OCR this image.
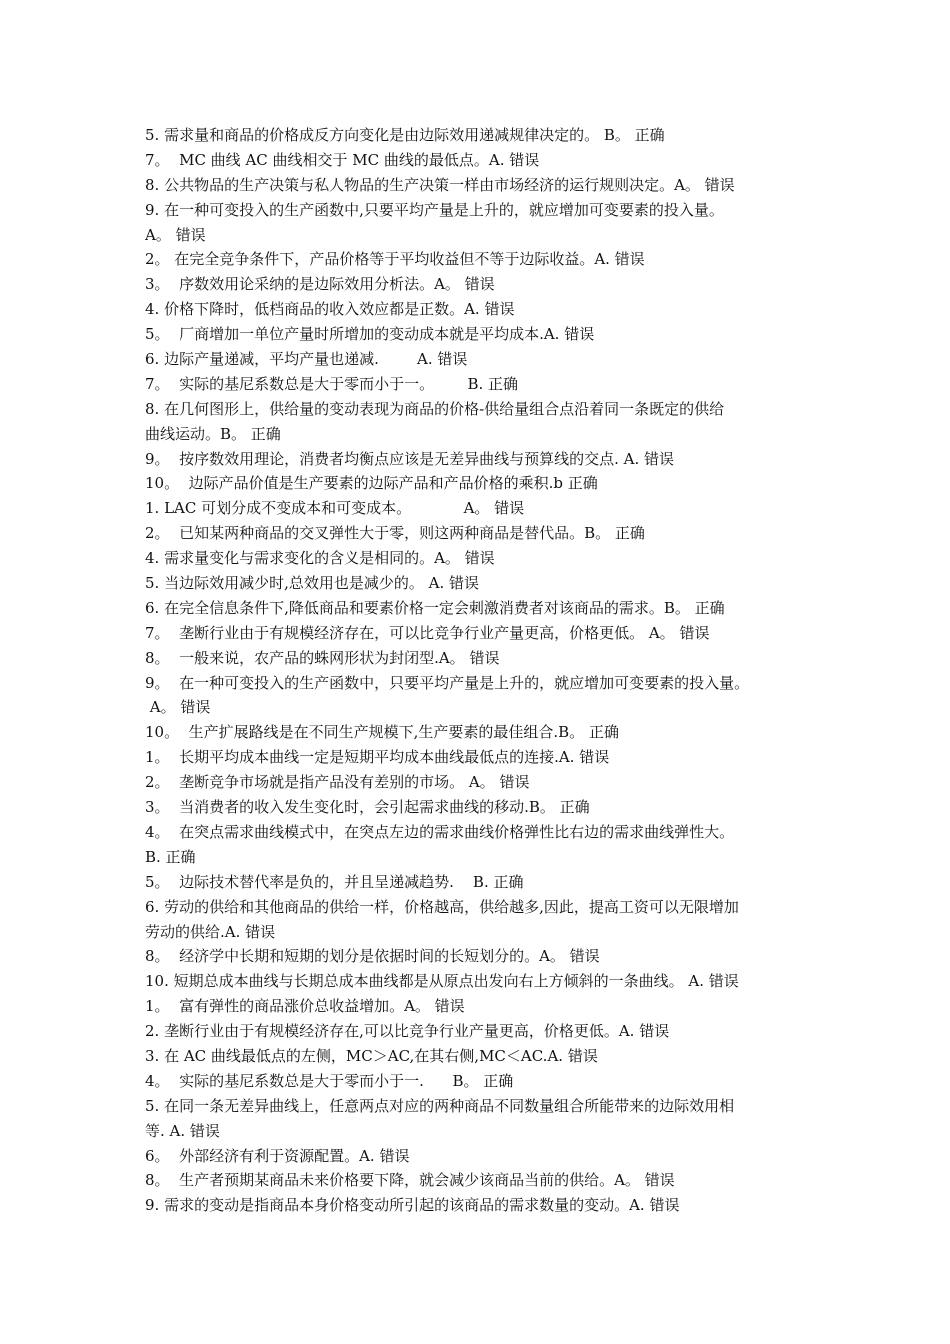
5. 需求量和商品的价格成反方向变化是由边际效用递减规律决定的。 B。 正确
7。  MC 曲线 AC 曲线相交于 MC 曲线的最低点。A. 错误
8. 公共物品的生产决策与私人物品的生产决策一样由市场经济的运行规则决定。A。 错误
9. 在一种可变投入的生产函数中,只要平均产量是上升的，就应增加可变要素的投入量。
A。 错误
2。 在完全竞争条件下，产品价格等于平均收益但不等于边际收益。A. 错误
3。  序数效用论采纳的是边际效用分析法。A。 错误
4. 价格下降时，低档商品的收入效应都是正数。A. 错误
5。  厂商增加一单位产量时所增加的变动成本就是平均成本.A. 错误
6. 边际产量递减，平均产量也递减.        A. 错误
7。  实际的基尼系数总是大于零而小于一。       B. 正确
8. 在几何图形上，供给量的变动表现为商品的价格-供给量组合点沿着同一条既定的供给
曲线运动。B。 正确
9。  按序数效用理论，消费者均衡点应该是无差异曲线与预算线的交点. A. 错误
10。  边际产品价值是生产要素的边际产品和产品价格的乘积.b 正确
1. LAC 可划分成不变成本和可变成本。           A。 错误
2。  已知某两种商品的交叉弹性大于零，则这两种商品是替代品。B。 正确
4. 需求量变化与需求变化的含义是相同的。A。 错误
5. 当边际效用减少时,总效用也是减少的。 A. 错误
6. 在完全信息条件下,降低商品和要素价格一定会刺激消费者对该商品的需求。B。 正确
7。  垄断行业由于有规模经济存在，可以比竞争行业产量更高，价格更低。 A。 错误
8。  一般来说，农产品的蛛网形状为封闭型.A。 错误
9。  在一种可变投入的生产函数中，只要平均产量是上升的，就应增加可变要素的投入量。
A。 错误
10。  生产扩展路线是在不同生产规模下,生产要素的最佳组合.B。 正确
1。  长期平均成本曲线一定是短期平均成本曲线最低点的连接.A. 错误
2。  垄断竞争市场就是指产品没有差别的市场。 A。 错误
3。  当消费者的收入发生变化时，会引起需求曲线的移动.B。 正确
4。  在突点需求曲线模式中，在突点左边的需求曲线价格弹性比右边的需求曲线弹性大。
B. 正确
5。  边际技术替代率是负的，并且呈递减趋势.    B. 正确
6. 劳动的供给和其他商品的供给一样，价格越高，供给越多,因此，提高工资可以无限增加
劳动的供给.A. 错误
8。  经济学中长期和短期的划分是依据时间的长短划分的。A。 错误
10. 短期总成本曲线与长期总成本曲线都是从原点出发向右上方倾斜的一条曲线。 A. 错误
1。  富有弹性的商品涨价总收益增加。A。 错误
2. 垄断行业由于有规模经济存在,可以比竞争行业产量更高，价格更低。A. 错误
3. 在 AC 曲线最低点的左侧，MC＞AC,在其右侧,MC＜AC.A. 错误
4。  实际的基尼系数总是大于零而小于一.      B。 正确
5. 在同一条无差异曲线上，任意两点对应的两种商品不同数量组合所能带来的边际效用相
等. A. 错误
6。  外部经济有利于资源配置。A. 错误
8。  生产者预期某商品未来价格要下降，就会减少该商品当前的供给。A。 错误
9. 需求的变动是指商品本身价格变动所引起的该商品的需求数量的变动。A. 错误
